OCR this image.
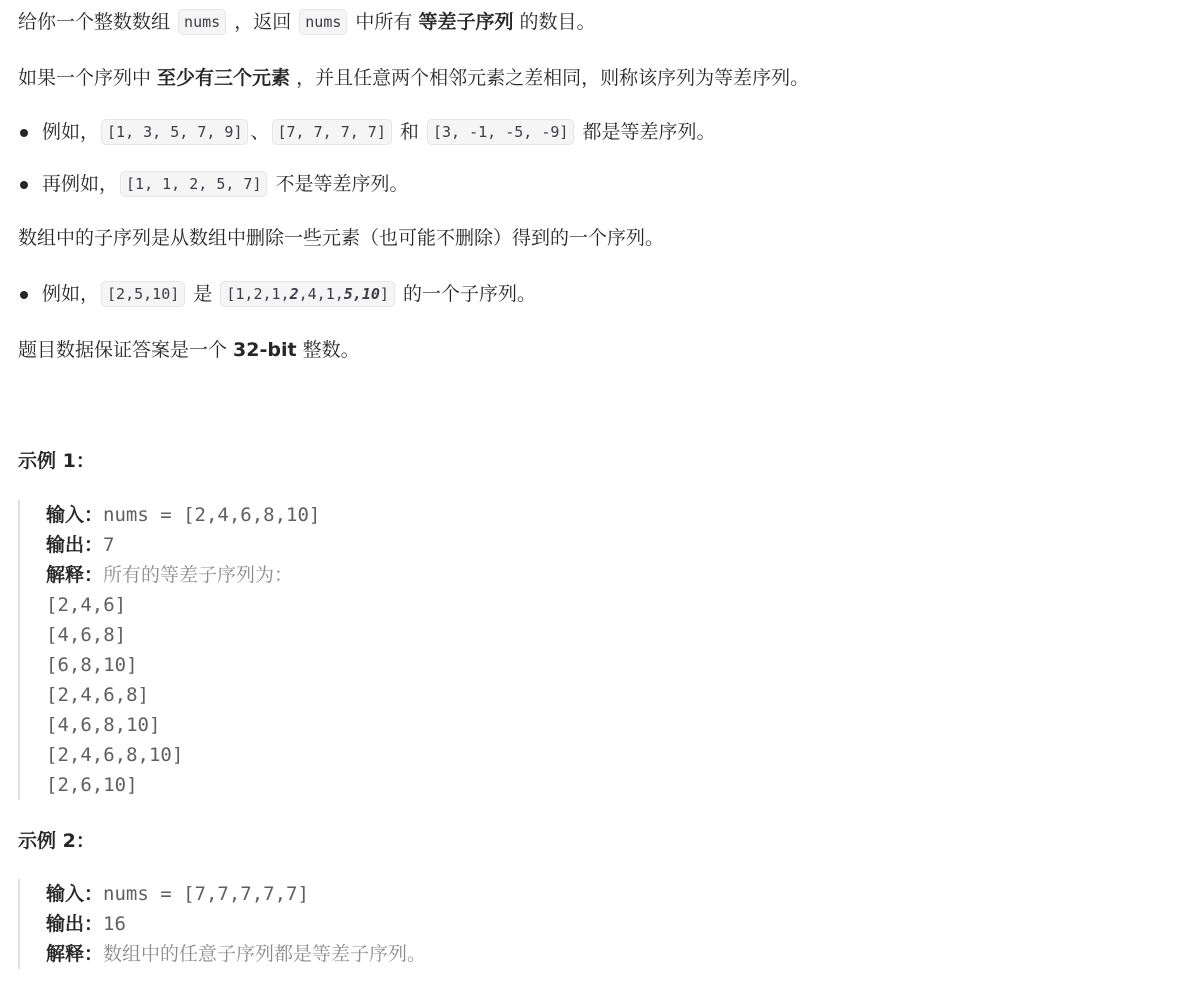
给你一个整数数组 nums ，返回 nums 中所有 等差子序列 的数目。

如果一个序列中 至少有三个元素 ，并且任意两个相邻元素之差相同，则称该序列为等差序列。

例如， [1, 3, 5, 7, 9] 、 [7, 7, 7, 7] 和 [3, -1, -5, -9] 都是等差序列。
再例如， [1, 1, 2, 5, 7] 不是等差序列。

数组中的子序列是从数组中删除一些元素（也可能不删除）得到的一个序列。

例如， [2,5,10] 是 [1,2,1,2,4,1,5,10] 的一个子序列。

题目数据保证答案是一个 32-bit 整数。

示例 1：
输入：nums = [2,4,6,8,10]
输出：7
解释：所有的等差子序列为：
[2,4,6]
[4,6,8]
[6,8,10]
[2,4,6,8]
[4,6,8,10]
[2,4,6,8,10]
[2,6,10]
示例 2：
输入：nums = [7,7,7,7,7]
输出：16
解释：数组中的任意子序列都是等差子序列。
